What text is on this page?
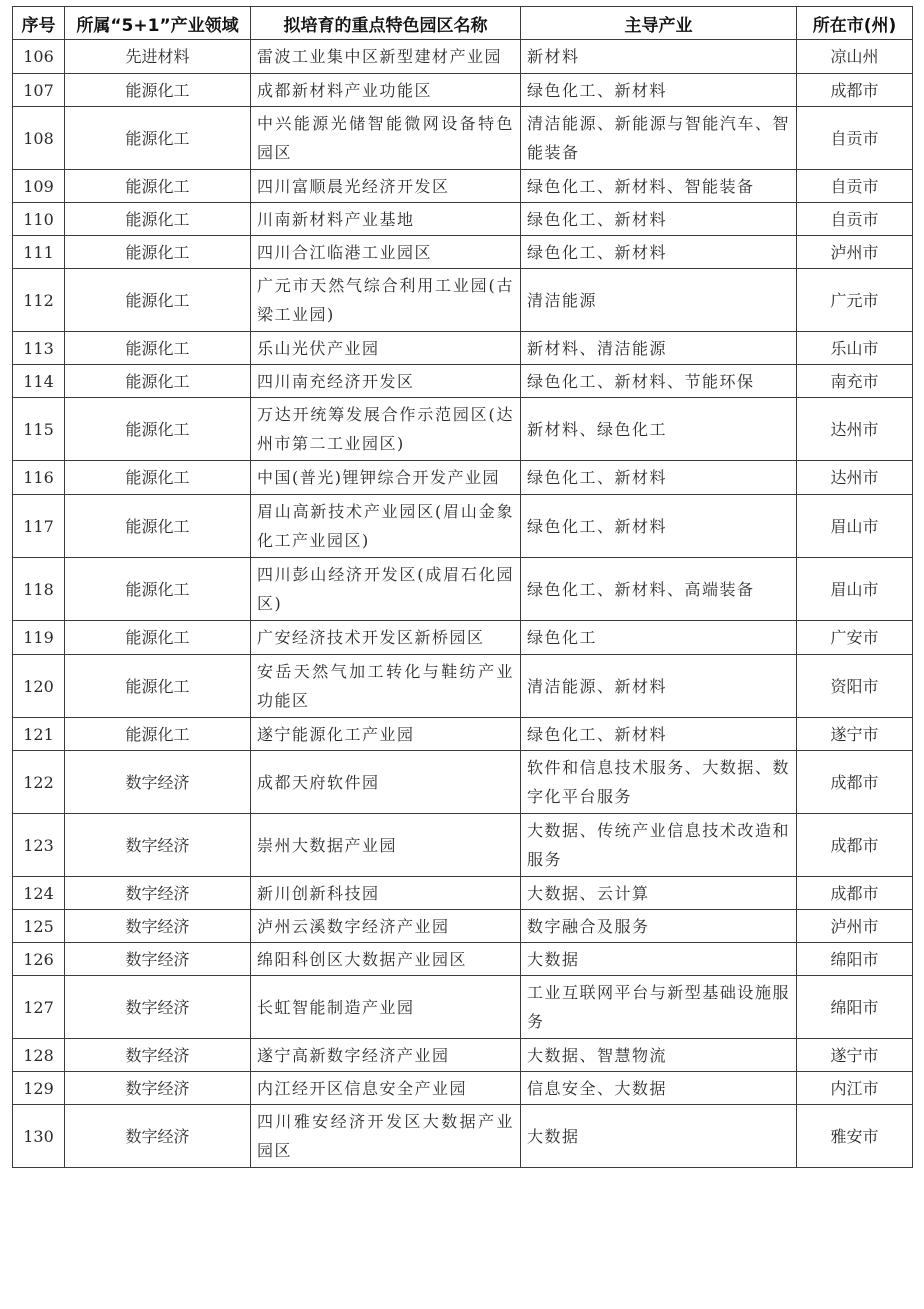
序号	所属“5+1”产业领域	拟培育的重点特色园区名称	主导产业	所在市(州)
106	先进材料	雷波工业集中区新型建材产业园	新材料	凉山州
107	能源化工	成都新材料产业功能区	绿色化工、新材料	成都市
108	能源化工	中兴能源光储智能微网设备特色园区	清洁能源、新能源与智能汽车、智能装备	自贡市
109	能源化工	四川富顺晨光经济开发区	绿色化工、新材料、智能装备	自贡市
110	能源化工	川南新材料产业基地	绿色化工、新材料	自贡市
111	能源化工	四川合江临港工业园区	绿色化工、新材料	泸州市
112	能源化工	广元市天然气综合利用工业园(古梁工业园)	清洁能源	广元市
113	能源化工	乐山光伏产业园	新材料、清洁能源	乐山市
114	能源化工	四川南充经济开发区	绿色化工、新材料、节能环保	南充市
115	能源化工	万达开统筹发展合作示范园区(达州市第二工业园区)	新材料、绿色化工	达州市
116	能源化工	中国(普光)锂钾综合开发产业园	绿色化工、新材料	达州市
117	能源化工	眉山高新技术产业园区(眉山金象化工产业园区)	绿色化工、新材料	眉山市
118	能源化工	四川彭山经济开发区(成眉石化园区)	绿色化工、新材料、高端装备	眉山市
119	能源化工	广安经济技术开发区新桥园区	绿色化工	广安市
120	能源化工	安岳天然气加工转化与鞋纺产业功能区	清洁能源、新材料	资阳市
121	能源化工	遂宁能源化工产业园	绿色化工、新材料	遂宁市
122	数字经济	成都天府软件园	软件和信息技术服务、大数据、数字化平台服务	成都市
123	数字经济	崇州大数据产业园	大数据、传统产业信息技术改造和服务	成都市
124	数字经济	新川创新科技园	大数据、云计算	成都市
125	数字经济	泸州云溪数字经济产业园	数字融合及服务	泸州市
126	数字经济	绵阳科创区大数据产业园区	大数据	绵阳市
127	数字经济	长虹智能制造产业园	工业互联网平台与新型基础设施服务	绵阳市
128	数字经济	遂宁高新数字经济产业园	大数据、智慧物流	遂宁市
129	数字经济	内江经开区信息安全产业园	信息安全、大数据	内江市
130	数字经济	四川雅安经济开发区大数据产业园区	大数据	雅安市
